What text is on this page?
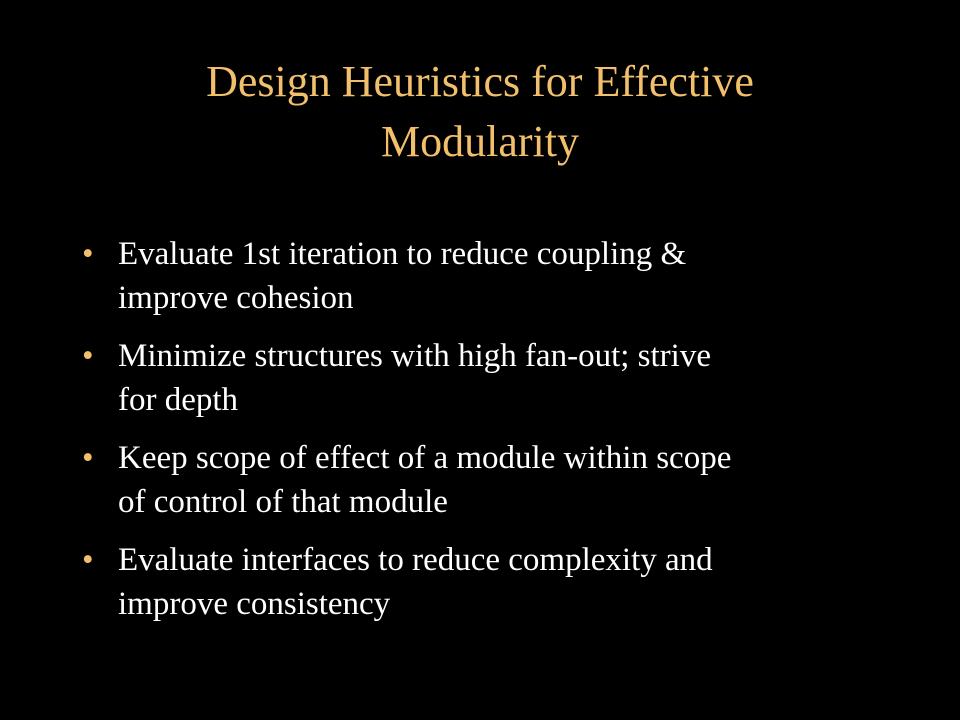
Design Heuristics for Effective
Modularity
• Evaluate 1st iteration to reduce coupling &
improve cohesion
• Minimize structures with high fan-out; strive
for depth
• Keep scope of effect of a module within scope
of control of that module
• Evaluate interfaces to reduce complexity and
improve consistency
